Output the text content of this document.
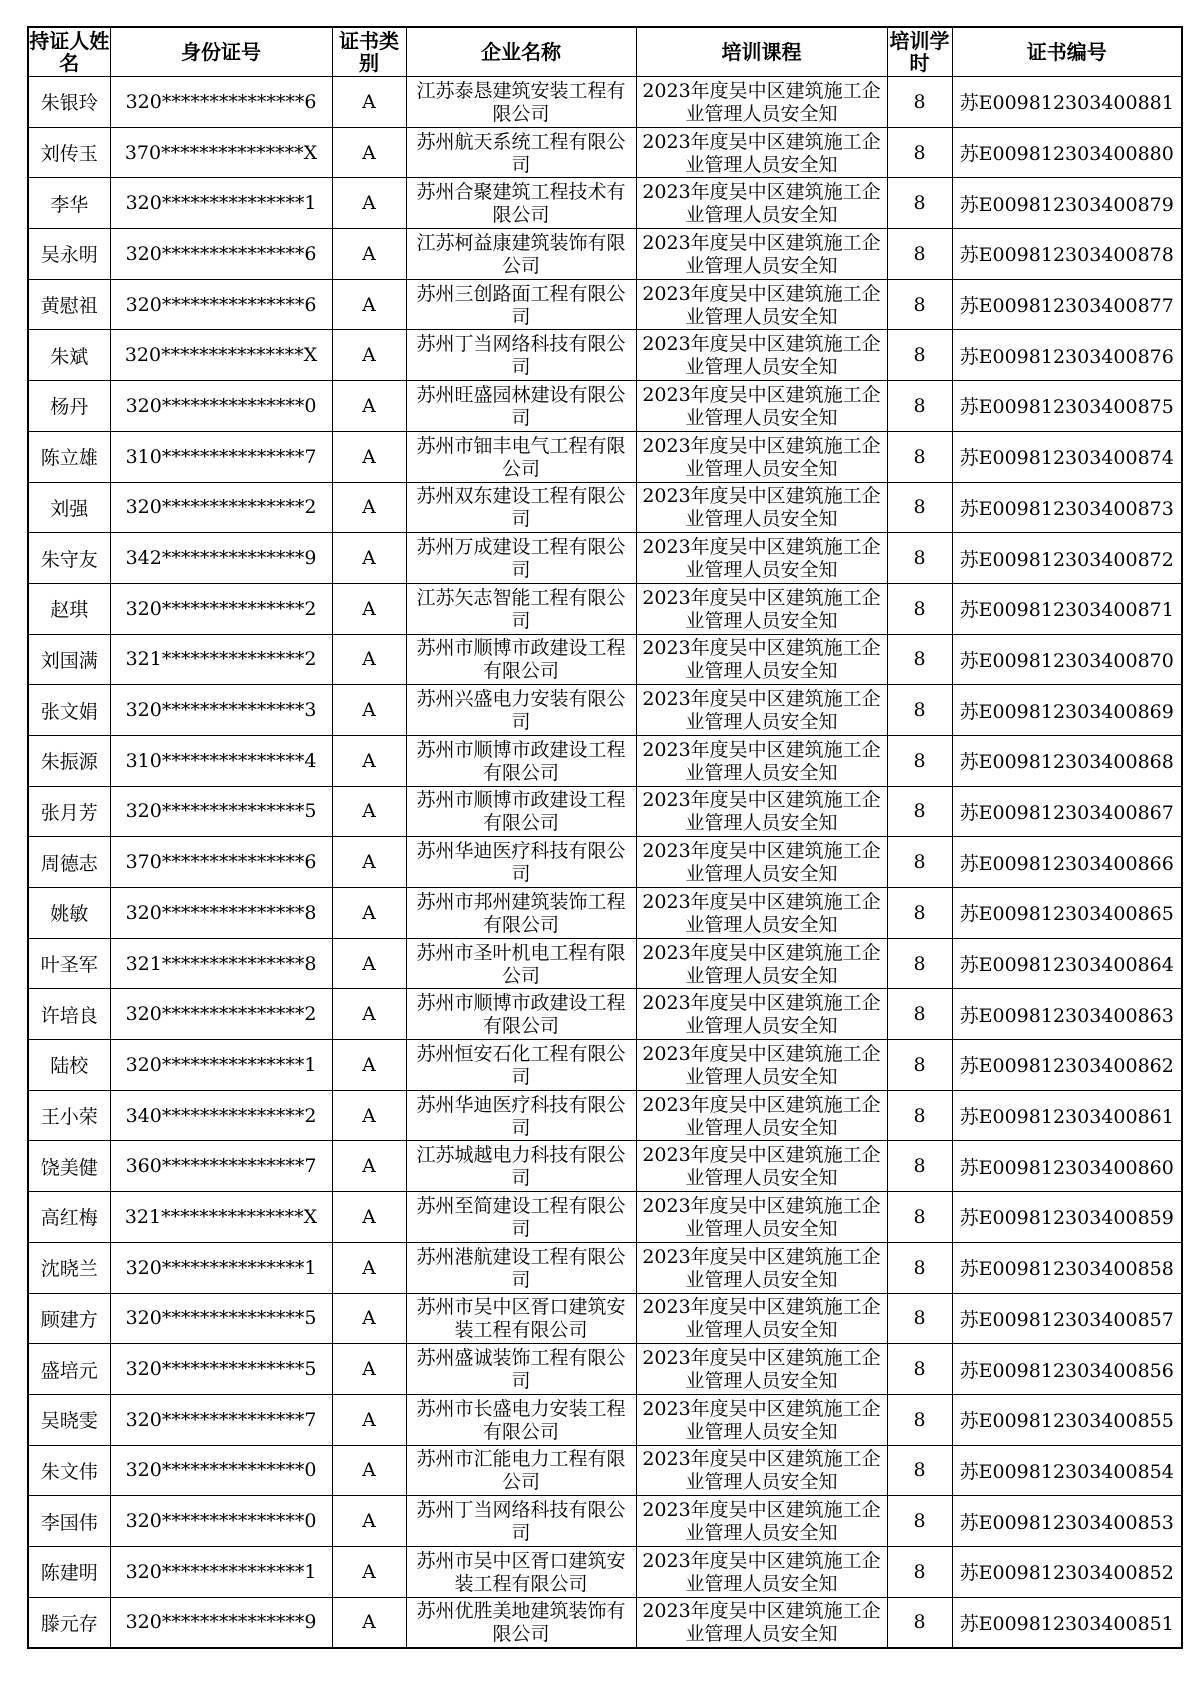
持证人姓名	身份证号	证书类别	企业名称	培训课程	培训学时	证书编号
朱银玲	320***************6	A	江苏泰恳建筑安装工程有限公司	2023年度吴中区建筑施工企业管理人员安全知	8	苏E009812303400881
刘传玉	370***************X	A	苏州航天系统工程有限公司	2023年度吴中区建筑施工企业管理人员安全知	8	苏E009812303400880
李华	320***************1	A	苏州合聚建筑工程技术有限公司	2023年度吴中区建筑施工企业管理人员安全知	8	苏E009812303400879
吴永明	320***************6	A	江苏柯益康建筑装饰有限公司	2023年度吴中区建筑施工企业管理人员安全知	8	苏E009812303400878
黄慰祖	320***************6	A	苏州三创路面工程有限公司	2023年度吴中区建筑施工企业管理人员安全知	8	苏E009812303400877
朱斌	320***************X	A	苏州丁当网络科技有限公司	2023年度吴中区建筑施工企业管理人员安全知	8	苏E009812303400876
杨丹	320***************0	A	苏州旺盛园林建设有限公司	2023年度吴中区建筑施工企业管理人员安全知	8	苏E009812303400875
陈立雄	310***************7	A	苏州市钿丰电气工程有限公司	2023年度吴中区建筑施工企业管理人员安全知	8	苏E009812303400874
刘强	320***************2	A	苏州双东建设工程有限公司	2023年度吴中区建筑施工企业管理人员安全知	8	苏E009812303400873
朱守友	342***************9	A	苏州万成建设工程有限公司	2023年度吴中区建筑施工企业管理人员安全知	8	苏E009812303400872
赵琪	320***************2	A	江苏矢志智能工程有限公司	2023年度吴中区建筑施工企业管理人员安全知	8	苏E009812303400871
刘国满	321***************2	A	苏州市顺博市政建设工程有限公司	2023年度吴中区建筑施工企业管理人员安全知	8	苏E009812303400870
张文娟	320***************3	A	苏州兴盛电力安装有限公司	2023年度吴中区建筑施工企业管理人员安全知	8	苏E009812303400869
朱振源	310***************4	A	苏州市顺博市政建设工程有限公司	2023年度吴中区建筑施工企业管理人员安全知	8	苏E009812303400868
张月芳	320***************5	A	苏州市顺博市政建设工程有限公司	2023年度吴中区建筑施工企业管理人员安全知	8	苏E009812303400867
周德志	370***************6	A	苏州华迪医疗科技有限公司	2023年度吴中区建筑施工企业管理人员安全知	8	苏E009812303400866
姚敏	320***************8	A	苏州市邦州建筑装饰工程有限公司	2023年度吴中区建筑施工企业管理人员安全知	8	苏E009812303400865
叶圣军	321***************8	A	苏州市圣叶机电工程有限公司	2023年度吴中区建筑施工企业管理人员安全知	8	苏E009812303400864
许培良	320***************2	A	苏州市顺博市政建设工程有限公司	2023年度吴中区建筑施工企业管理人员安全知	8	苏E009812303400863
陆校	320***************1	A	苏州恒安石化工程有限公司	2023年度吴中区建筑施工企业管理人员安全知	8	苏E009812303400862
王小荣	340***************2	A	苏州华迪医疗科技有限公司	2023年度吴中区建筑施工企业管理人员安全知	8	苏E009812303400861
饶美健	360***************7	A	江苏城越电力科技有限公司	2023年度吴中区建筑施工企业管理人员安全知	8	苏E009812303400860
高红梅	321***************X	A	苏州至简建设工程有限公司	2023年度吴中区建筑施工企业管理人员安全知	8	苏E009812303400859
沈晓兰	320***************1	A	苏州港航建设工程有限公司	2023年度吴中区建筑施工企业管理人员安全知	8	苏E009812303400858
顾建方	320***************5	A	苏州市吴中区胥口建筑安装工程有限公司	2023年度吴中区建筑施工企业管理人员安全知	8	苏E009812303400857
盛培元	320***************5	A	苏州盛诚装饰工程有限公司	2023年度吴中区建筑施工企业管理人员安全知	8	苏E009812303400856
吴晓雯	320***************7	A	苏州市长盛电力安装工程有限公司	2023年度吴中区建筑施工企业管理人员安全知	8	苏E009812303400855
朱文伟	320***************0	A	苏州市汇能电力工程有限公司	2023年度吴中区建筑施工企业管理人员安全知	8	苏E009812303400854
李国伟	320***************0	A	苏州丁当网络科技有限公司	2023年度吴中区建筑施工企业管理人员安全知	8	苏E009812303400853
陈建明	320***************1	A	苏州市吴中区胥口建筑安装工程有限公司	2023年度吴中区建筑施工企业管理人员安全知	8	苏E009812303400852
滕元存	320***************9	A	苏州优胜美地建筑装饰有限公司	2023年度吴中区建筑施工企业管理人员安全知	8	苏E009812303400851
